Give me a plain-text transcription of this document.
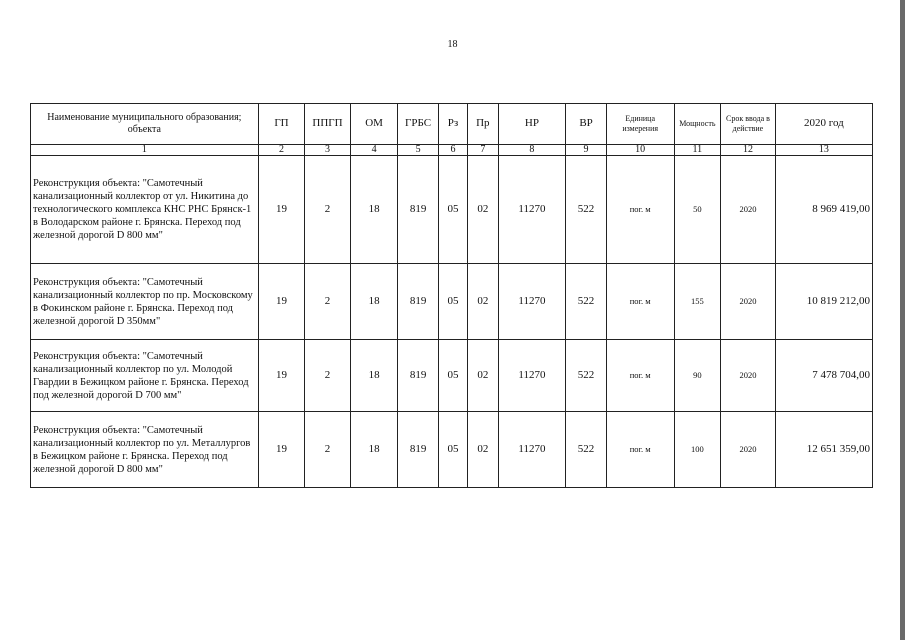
18
Наименование муниципального образования; объекта	ГП	ППГП	ОМ	ГРБС	Рз	Пр	НР	ВР	Единица измерения	Мощность	Срок ввода в действие	2020 год
1	2	3	4	5	6	7	8	9	10	11	12	13
Реконструкция объекта: "Самотечный канализационный коллектор от ул. Никитина до технологического комплекса КНС РНС Брянск-1 в Володарском районе г. Брянска. Переход под железной дорогой D 800 мм"	19	2	18	819	05	02	11270	522	пог. м	50	2020	8 969 419,00
Реконструкция объекта: "Самотечный канализационный коллектор по пр. Московскому в Фокинском районе г. Брянска. Переход под железной дорогой D 350мм"	19	2	18	819	05	02	11270	522	пог. м	155	2020	10 819 212,00
Реконструкция объекта: "Самотечный канализационный коллектор по ул. Молодой Гвардии в Бежицком районе г. Брянска. Переход под железной дорогой D 700 мм"	19	2	18	819	05	02	11270	522	пог. м	90	2020	7 478 704,00
Реконструкция объекта: "Самотечный канализационный коллектор по ул. Металлургов в Бежицком районе г. Брянска. Переход под железной дорогой D 800 мм"	19	2	18	819	05	02	11270	522	пог. м	100	2020	12 651 359,00
